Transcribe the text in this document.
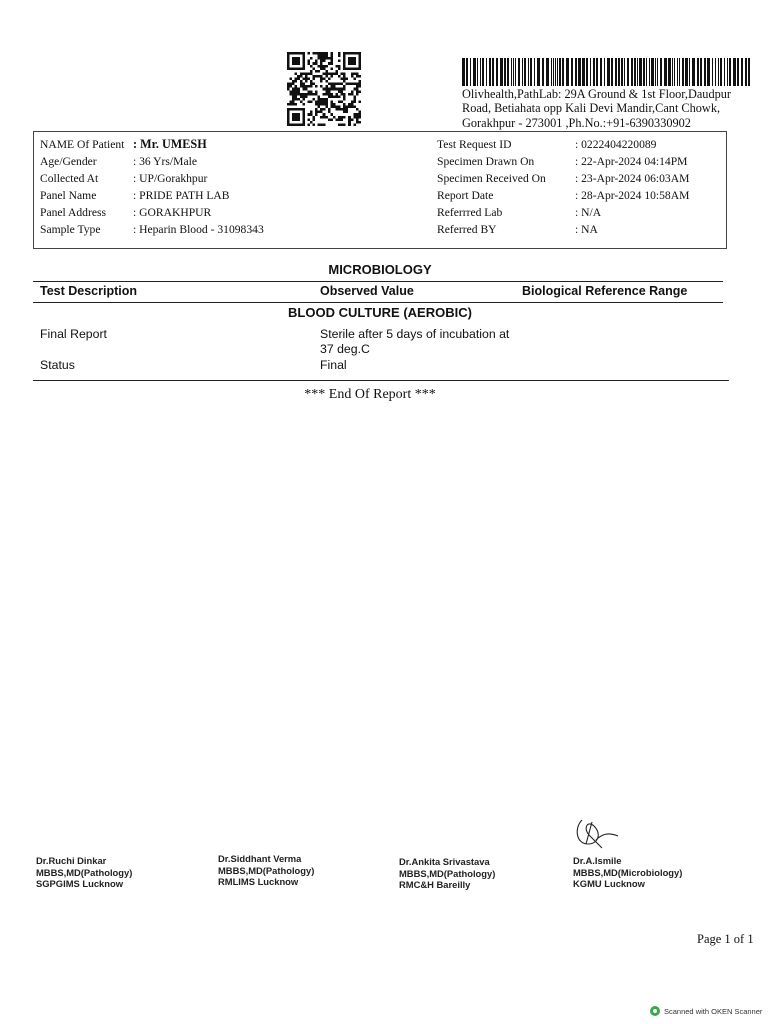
Olivhealth,PathLab: 29A Ground & 1st Floor,Daudpur
Road, Betiahata opp Kali Devi Mandir,Cant Chowk,
Gorakhpur - 273001 ,Ph.No.:+91-6390330902
NAME Of Patient : Mr. UMESH
Age/Gender	: 36 Yrs/Male
Collected At	: UP/Gorakhpur
Panel Name	: PRIDE PATH LAB
Panel Address : GORAKHPUR
Sample Type	: Heparin Blood - 31098343
Test Request ID	: 0222404220089
Specimen Drawn On	: 22-Apr-2024 04:14PM
Specimen Received On	: 23-Apr-2024 06:03AM
Report Date	: 28-Apr-2024 10:58AM
Referrred Lab	: N/A
Referred BY	: NA
MICROBIOLOGY
Test Description	Observed Value	Biological Reference Range
BLOOD CULTURE (AEROBIC)
Final Report	Sterile after 5 days of incubation at
37 deg.C
Status	Final
*** End Of Report ***
Dr.Ruchi Dinkar
MBBS,MD(Pathology)
SGPGIMS Lucknow
Dr.Siddhant Verma
MBBS,MD(Pathology)
RMLIMS Lucknow
Dr.Ankita Srivastava
MBBS,MD(Pathology)
RMC&H Bareilly
Dr.A.Ismile
MBBS,MD(Microbiology)
KGMU Lucknow
Page 1 of 1
Scanned with OKEN Scanner
